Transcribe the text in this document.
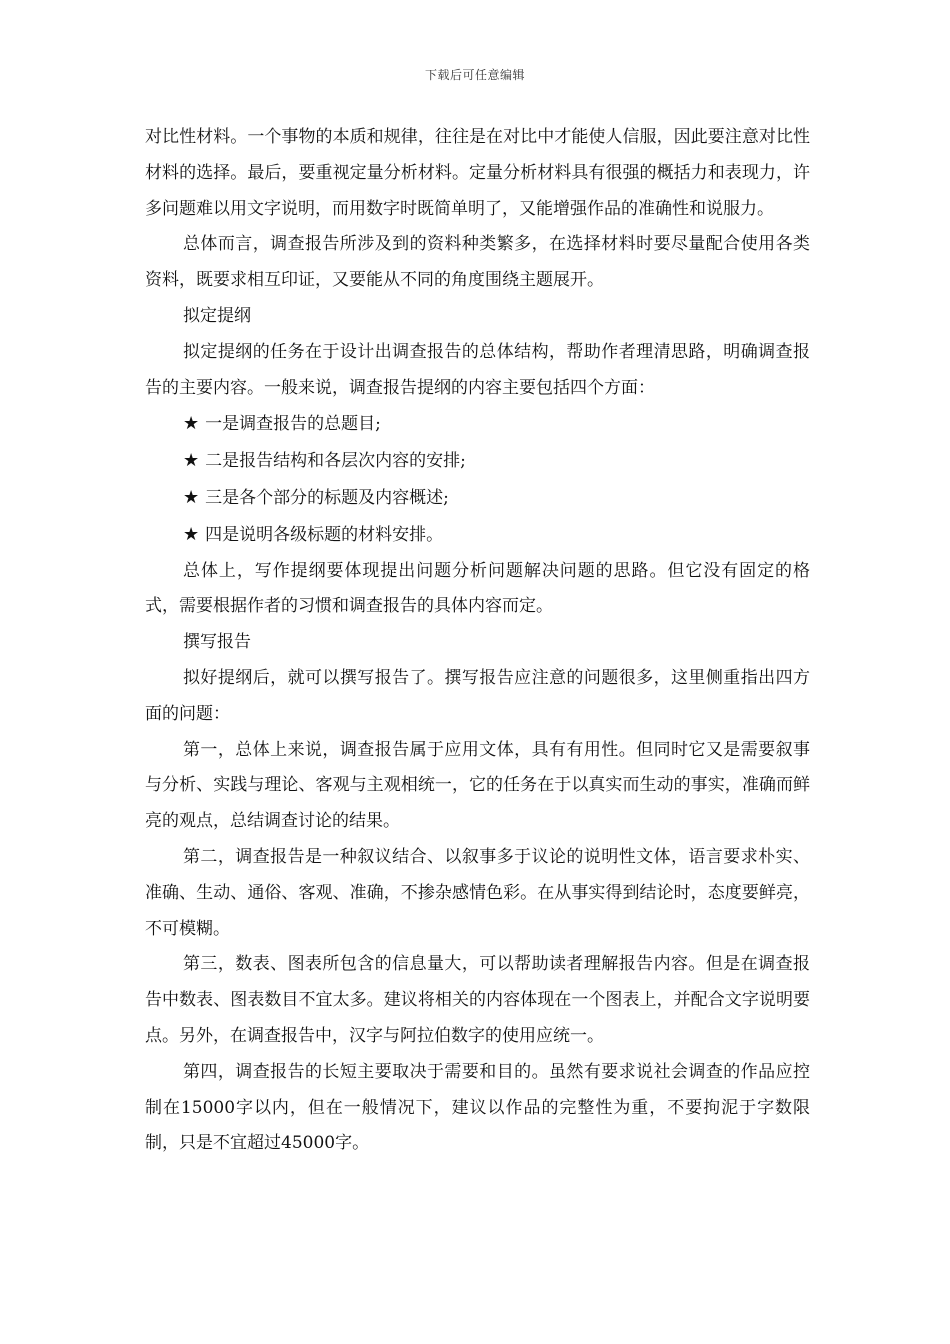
下载后可任意编辑

对比性材料。一个事物的本质和规律，往往是在对比中才能使人信服，因此要注意对比性材料的选择。最后，要重视定量分析材料。定量分析材料具有很强的概括力和表现力，许多问题难以用文字说明，而用数字时既简单明了，又能增强作品的准确性和说服力。

总体而言，调查报告所涉及到的资料种类繁多，在选择材料时要尽量配合使用各类资料，既要求相互印证，又要能从不同的角度围绕主题展开。

拟定提纲

拟定提纲的任务在于设计出调查报告的总体结构，帮助作者理清思路，明确调查报告的主要内容。一般来说，调查报告提纲的内容主要包括四个方面：

★ 一是调查报告的总题目;

★ 二是报告结构和各层次内容的安排;

★ 三是各个部分的标题及内容概述;

★ 四是说明各级标题的材料安排。

总体上，写作提纲要体现提出问题分析问题解决问题的思路。但它没有固定的格式，需要根据作者的习惯和调查报告的具体内容而定。

撰写报告

拟好提纲后，就可以撰写报告了。撰写报告应注意的问题很多，这里侧重指出四方面的问题：

第一，总体上来说，调查报告属于应用文体，具有有用性。但同时它又是需要叙事与分析、实践与理论、客观与主观相统一，它的任务在于以真实而生动的事实，准确而鲜亮的观点，总结调查讨论的结果。

第二，调查报告是一种叙议结合、以叙事多于议论的说明性文体，语言要求朴实、准确、生动、通俗、客观、准确，不掺杂感情色彩。在从事实得到结论时，态度要鲜亮，不可模糊。

第三，数表、图表所包含的信息量大，可以帮助读者理解报告内容。但是在调查报告中数表、图表数目不宜太多。建议将相关的内容体现在一个图表上，并配合文字说明要点。另外，在调查报告中，汉字与阿拉伯数字的使用应统一。

第四，调查报告的长短主要取决于需要和目的。虽然有要求说社会调查的作品应控制在15000字以内，但在一般情况下，建议以作品的完整性为重，不要拘泥于字数限制，只是不宜超过45000字。
